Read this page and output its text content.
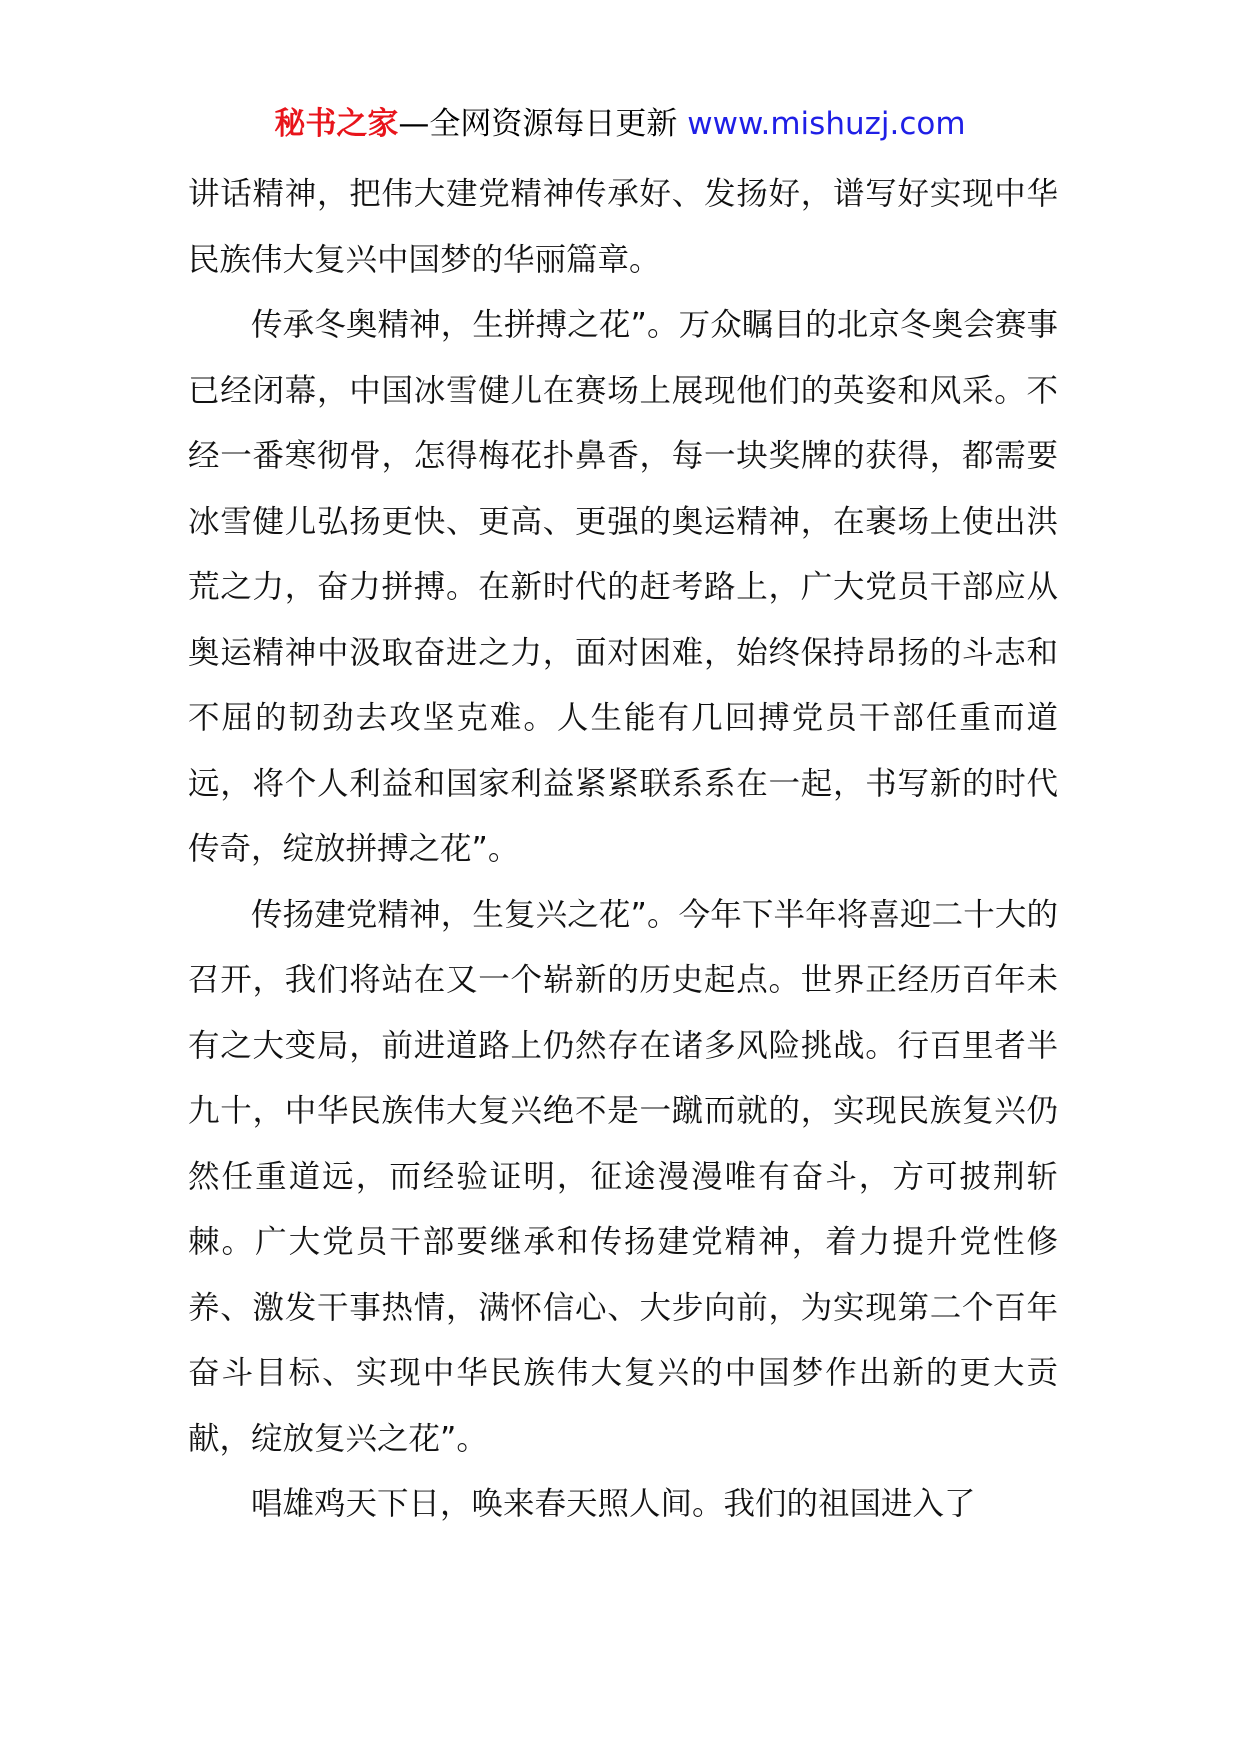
秘书之家—全网资源每日更新 www.mishuzj.com

讲话精神，把伟大建党精神传承好、发扬好，谱写好实现中华民族伟大复兴中国梦的华丽篇章。

传承冬奥精神，生拼搏之花”。万众瞩目的北京冬奥会赛事已经闭幕，中国冰雪健儿在赛场上展现他们的英姿和风采。不经一番寒彻骨，怎得梅花扑鼻香，每一块奖牌的获得，都需要冰雪健儿弘扬更快、更高、更强的奥运精神，在裹场上使出洪荒之力，奋力拼搏。在新时代的赶考路上，广大党员干部应从奥运精神中汲取奋进之力，面对困难，始终保持昂扬的斗志和不屈的韧劲去攻坚克难。人生能有几回搏党员干部任重而道远，将个人利益和国家利益紧紧联系系在一起，书写新的时代传奇，绽放拼搏之花”。

传扬建党精神，生复兴之花”。今年下半年将喜迎二十大的召开，我们将站在又一个崭新的历史起点。世界正经历百年未有之大变局，前进道路上仍然存在诸多风险挑战。行百里者半九十，中华民族伟大复兴绝不是一蹴而就的，实现民族复兴仍然任重道远，而经验证明，征途漫漫唯有奋斗，方可披荆斩棘。广大党员干部要继承和传扬建党精神，着力提升党性修养、激发干事热情，满怀信心、大步向前，为实现第二个百年奋斗目标、实现中华民族伟大复兴的中国梦作出新的更大贡献，绽放复兴之花”。

唱雄鸡天下日，唤来春天照人间。我们的祖国进入了
